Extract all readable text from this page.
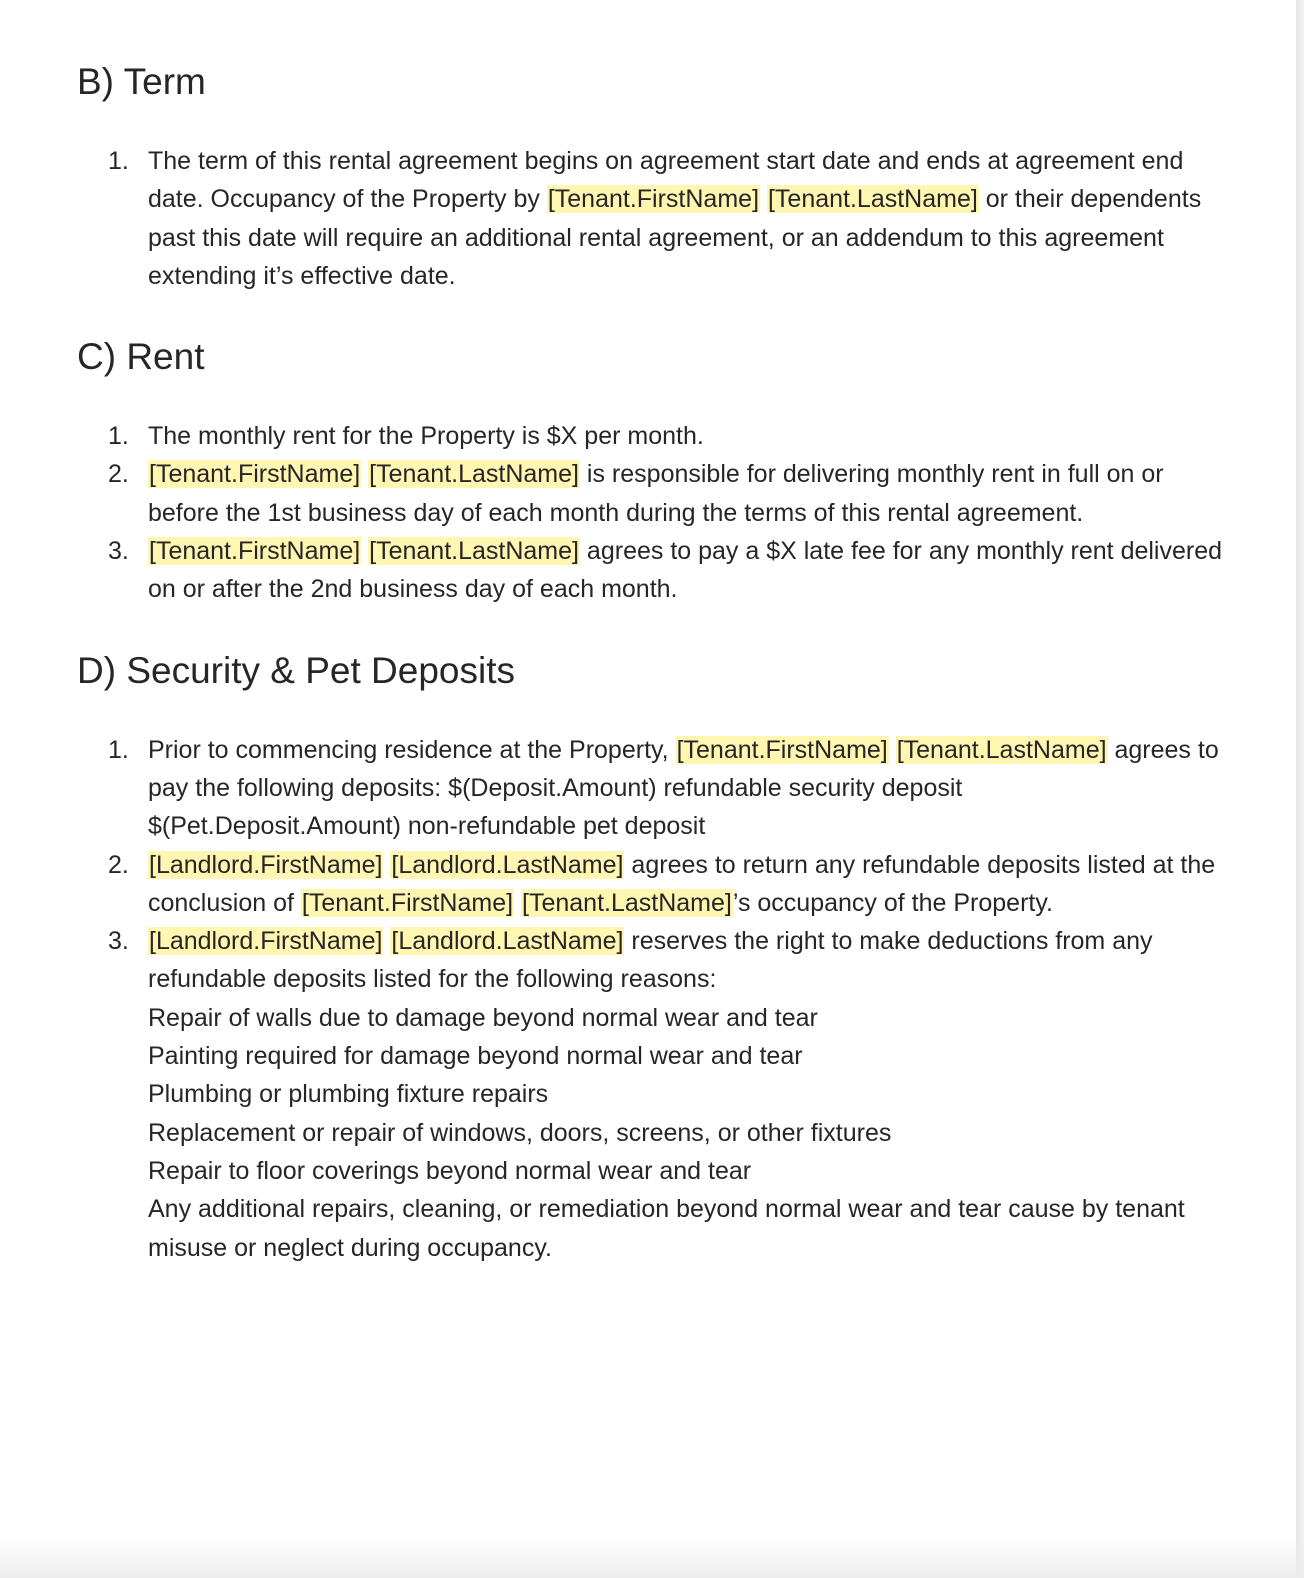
B) Term
1. The term of this rental agreement begins on agreement start date and ends at agreement end date. Occupancy of the Property by [Tenant.FirstName] [Tenant.LastName] or their dependents past this date will require an additional rental agreement, or an addendum to this agreement extending it’s effective date.
C) Rent
1. The monthly rent for the Property is $X per month.
2. [Tenant.FirstName] [Tenant.LastName] is responsible for delivering monthly rent in full on or before the 1st business day of each month during the terms of this rental agreement.
3. [Tenant.FirstName] [Tenant.LastName] agrees to pay a $X late fee for any monthly rent delivered on or after the 2nd business day of each month.
D) Security & Pet Deposits
1. Prior to commencing residence at the Property, [Tenant.FirstName] [Tenant.LastName] agrees to pay the following deposits: $(Deposit.Amount) refundable security deposit
$(Pet.Deposit.Amount) non-refundable pet deposit
2. [Landlord.FirstName] [Landlord.LastName] agrees to return any refundable deposits listed at the conclusion of [Tenant.FirstName] [Tenant.LastName]’s occupancy of the Property.
3. [Landlord.FirstName] [Landlord.LastName] reserves the right to make deductions from any refundable deposits listed for the following reasons:
Repair of walls due to damage beyond normal wear and tear
Painting required for damage beyond normal wear and tear
Plumbing or plumbing fixture repairs
Replacement or repair of windows, doors, screens, or other fixtures
Repair to floor coverings beyond normal wear and tear
Any additional repairs, cleaning, or remediation beyond normal wear and tear cause by tenant misuse or neglect during occupancy.
